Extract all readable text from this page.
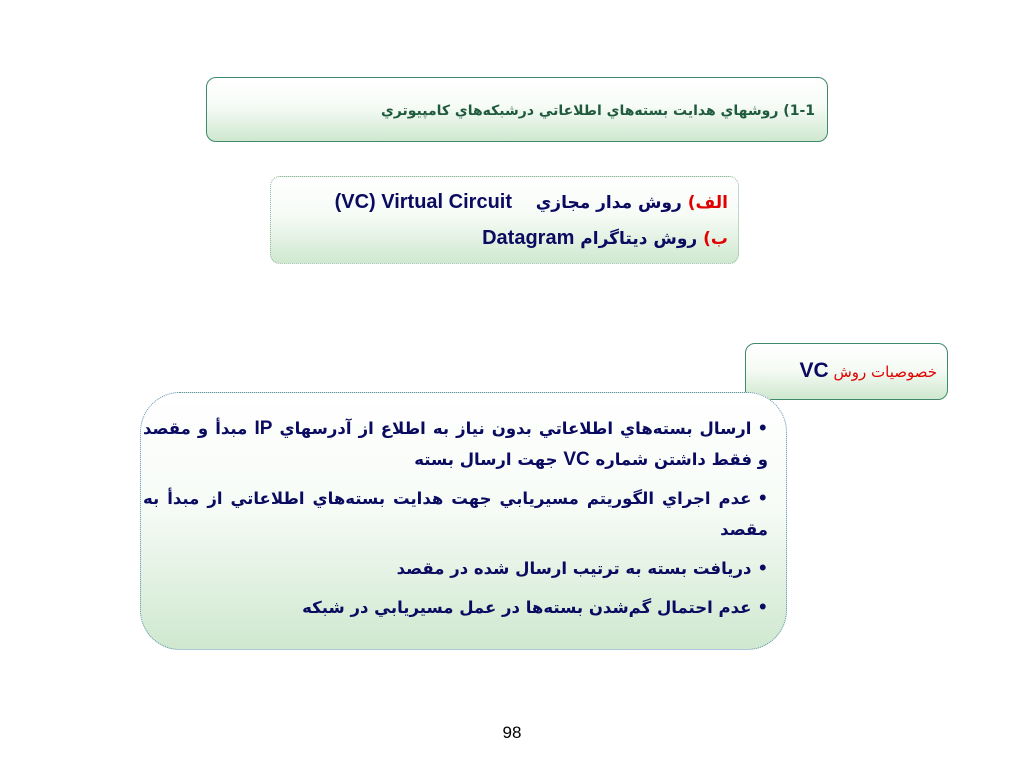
1-1) روشهاي هدايت بسته‌هاي اطلاعاتي درشبكه‌هاي كامپيوتري
الف) روش مدار مجازي    (VC) Virtual Circuit
ب) روش ديتاگرام Datagram
خصوصيات روش VC
•ارسال بسته‌هاي اطلاعاتي بدون نياز به اطلاع از آدرسهاي IP مبدأ و مقصد و فقط داشتن شماره VC جهت ارسال بسته
•عدم اجراي الگوريتم مسيريابي جهت هدايت بسته‌هاي اطلاعاتي از مبدأ به مقصد
•دريافت بسته به ترتيب ارسال شده در مقصد
•عدم احتمال گم‌شدن بسته‌ها در عمل مسيريابي در شبكه
98
